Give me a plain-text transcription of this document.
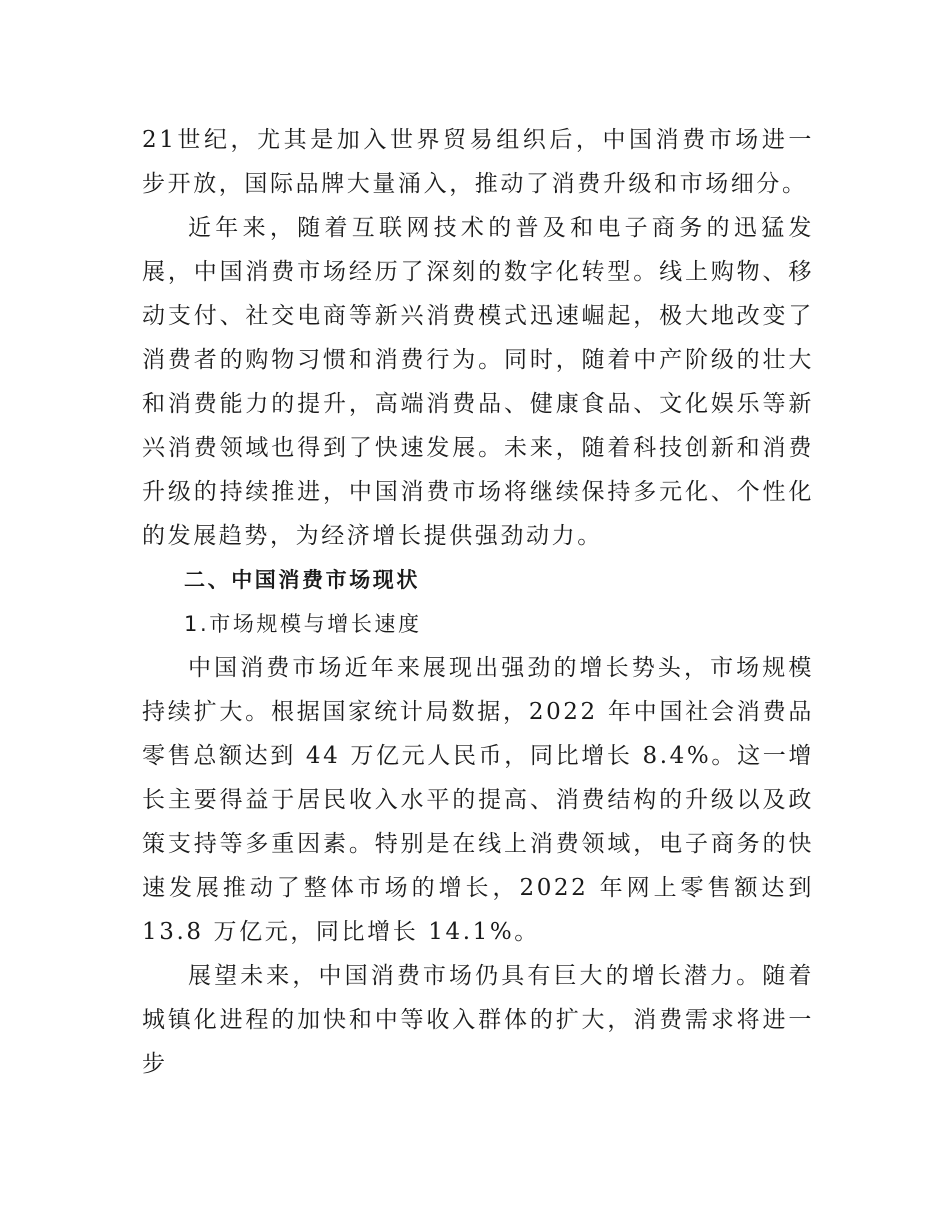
21世纪，尤其是加入世界贸易组织后，中国消费市场进一步开放，国际品牌大量涌入，推动了消费升级和市场细分。

近年来，随着互联网技术的普及和电子商务的迅猛发展，中国消费市场经历了深刻的数字化转型。线上购物、移动支付、社交电商等新兴消费模式迅速崛起，极大地改变了消费者的购物习惯和消费行为。同时，随着中产阶级的壮大和消费能力的提升，高端消费品、健康食品、文化娱乐等新兴消费领域也得到了快速发展。未来，随着科技创新和消费升级的持续推进，中国消费市场将继续保持多元化、个性化的发展趋势，为经济增长提供强劲动力。

二、中国消费市场现状

1.市场规模与增长速度

中国消费市场近年来展现出强劲的增长势头，市场规模持续扩大。根据国家统计局数据，2022 年中国社会消费品零售总额达到 44 万亿元人民币，同比增长 8.4%。这一增长主要得益于居民收入水平的提高、消费结构的升级以及政策支持等多重因素。特别是在线上消费领域，电子商务的快速发展推动了整体市场的增长，2022 年网上零售额达到 13.8 万亿元，同比增长 14.1%。

展望未来，中国消费市场仍具有巨大的增长潜力。随着城镇化进程的加快和中等收入群体的扩大，消费需求将进一步
